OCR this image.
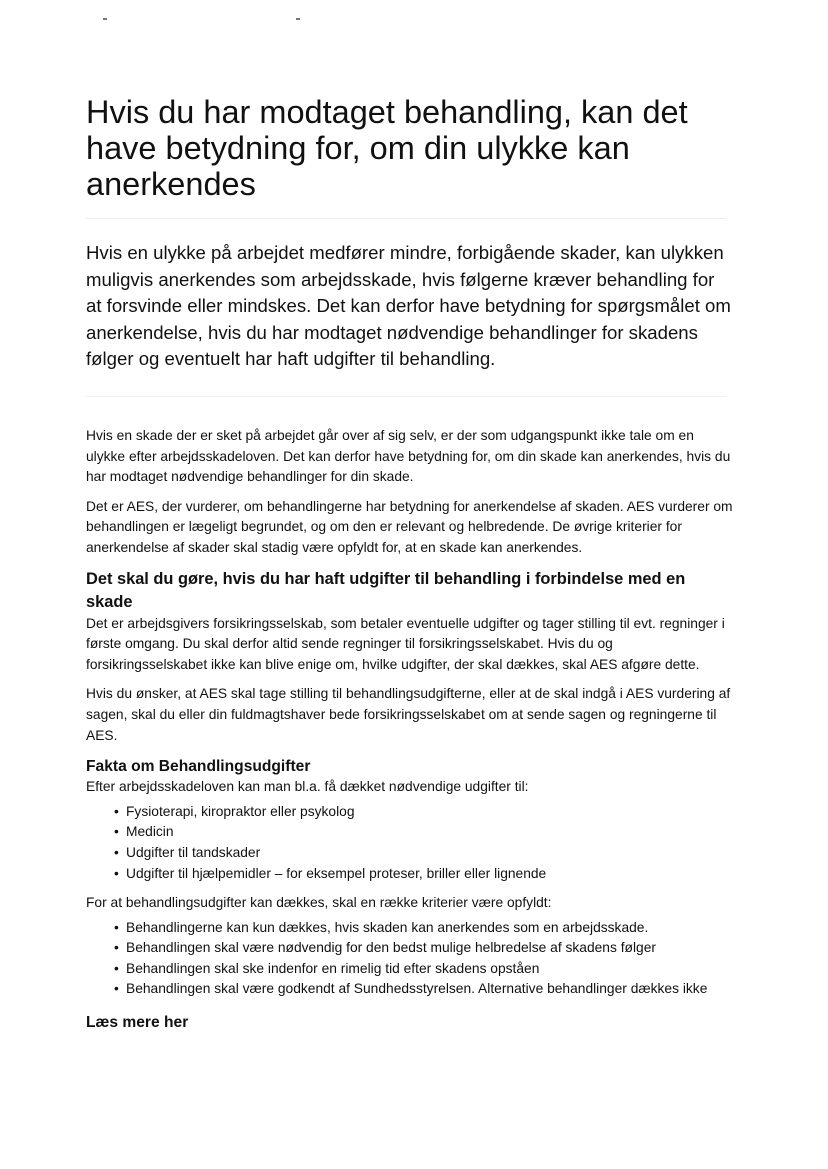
Hvis du har modtaget behandling, kan det have betydning for, om din ulykke kan anerkendes

Hvis en ulykke på arbejdet medfører mindre, forbigående skader, kan ulykken muligvis anerkendes som arbejdsskade, hvis følgerne kræver behandling for at forsvinde eller mindskes. Det kan derfor have betydning for spørgsmålet om anerkendelse, hvis du har modtaget nødvendige behandlinger for skadens følger og eventuelt har haft udgifter til behandling.

Hvis en skade der er sket på arbejdet går over af sig selv, er der som udgangspunkt ikke tale om en ulykke efter arbejdsskadeloven. Det kan derfor have betydning for, om din skade kan anerkendes, hvis du har modtaget nødvendige behandlinger for din skade.

Det er AES, der vurderer, om behandlingerne har betydning for anerkendelse af skaden. AES vurderer om behandlingen er lægeligt begrundet, og om den er relevant og helbredende. De øvrige kriterier for anerkendelse af skader skal stadig være opfyldt for, at en skade kan anerkendes.

Det skal du gøre, hvis du har haft udgifter til behandling i forbindelse med en skade

Det er arbejdsgivers forsikringsselskab, som betaler eventuelle udgifter og tager stilling til evt. regninger i første omgang. Du skal derfor altid sende regninger til forsikringsselskabet. Hvis du og forsikringsselskabet ikke kan blive enige om, hvilke udgifter, der skal dækkes, skal AES afgøre dette.

Hvis du ønsker, at AES skal tage stilling til behandlingsudgifterne, eller at de skal indgå i AES vurdering af sagen, skal du eller din fuldmagtshaver bede forsikringsselskabet om at sende sagen og regningerne til AES.

Fakta om Behandlingsudgifter

Efter arbejdsskadeloven kan man bl.a. få dækket nødvendige udgifter til:

• Fysioterapi, kiropraktor eller psykolog
• Medicin
• Udgifter til tandskader
• Udgifter til hjælpemidler – for eksempel proteser, briller eller lignende

For at behandlingsudgifter kan dækkes, skal en række kriterier være opfyldt:

• Behandlingerne kan kun dækkes, hvis skaden kan anerkendes som en arbejdsskade.
• Behandlingen skal være nødvendig for den bedst mulige helbredelse af skadens følger
• Behandlingen skal ske indenfor en rimelig tid efter skadens opståen
• Behandlingen skal være godkendt af Sundhedsstyrelsen. Alternative behandlinger dækkes ikke
Læs mere her
